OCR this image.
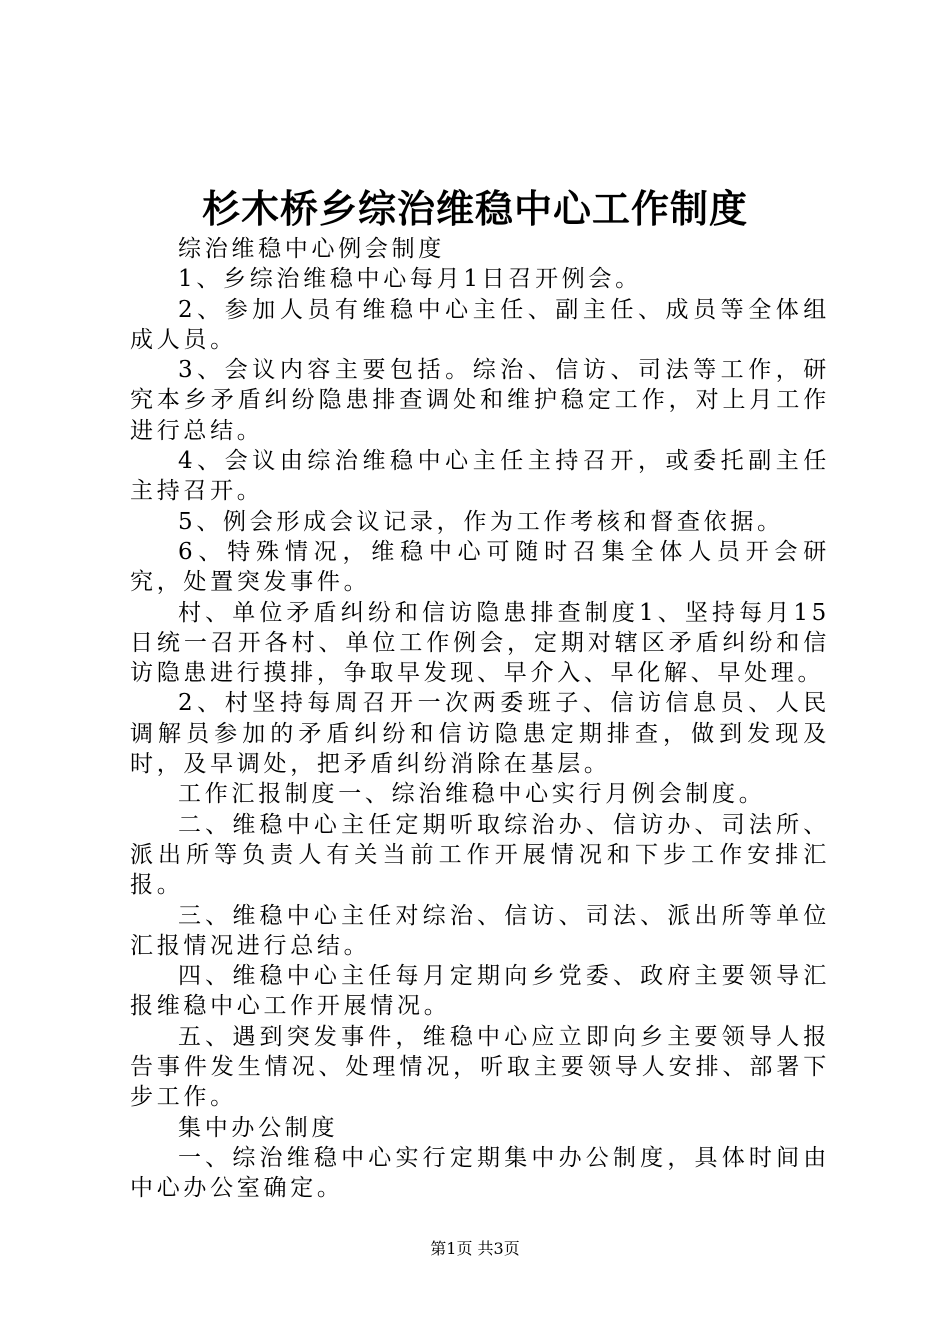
杉木桥乡综治维稳中心工作制度

综治维稳中心例会制度

1、乡综治维稳中心每月1日召开例会。

2、参加人员有维稳中心主任、副主任、成员等全体组成人员。

3、会议内容主要包括。综治、信访、司法等工作，研究本乡矛盾纠纷隐患排查调处和维护稳定工作，对上月工作进行总结。

4、会议由综治维稳中心主任主持召开，或委托副主任主持召开。

5、例会形成会议记录，作为工作考核和督查依据。

6、特殊情况，维稳中心可随时召集全体人员开会研究，处置突发事件。

村、单位矛盾纠纷和信访隐患排查制度1、坚持每月15日统一召开各村、单位工作例会，定期对辖区矛盾纠纷和信访隐患进行摸排，争取早发现、早介入、早化解、早处理。

2、村坚持每周召开一次两委班子、信访信息员、人民调解员参加的矛盾纠纷和信访隐患定期排查，做到发现及时，及早调处，把矛盾纠纷消除在基层。

工作汇报制度一、综治维稳中心实行月例会制度。

二、维稳中心主任定期听取综治办、信访办、司法所、派出所等负责人有关当前工作开展情况和下步工作安排汇报。

三、维稳中心主任对综治、信访、司法、派出所等单位汇报情况进行总结。

四、维稳中心主任每月定期向乡党委、政府主要领导汇报维稳中心工作开展情况。

五、遇到突发事件，维稳中心应立即向乡主要领导人报告事件发生情况、处理情况，听取主要领导人安排、部署下步工作。

集中办公制度

一、综治维稳中心实行定期集中办公制度，具体时间由中心办公室确定。

第1页 共3页
